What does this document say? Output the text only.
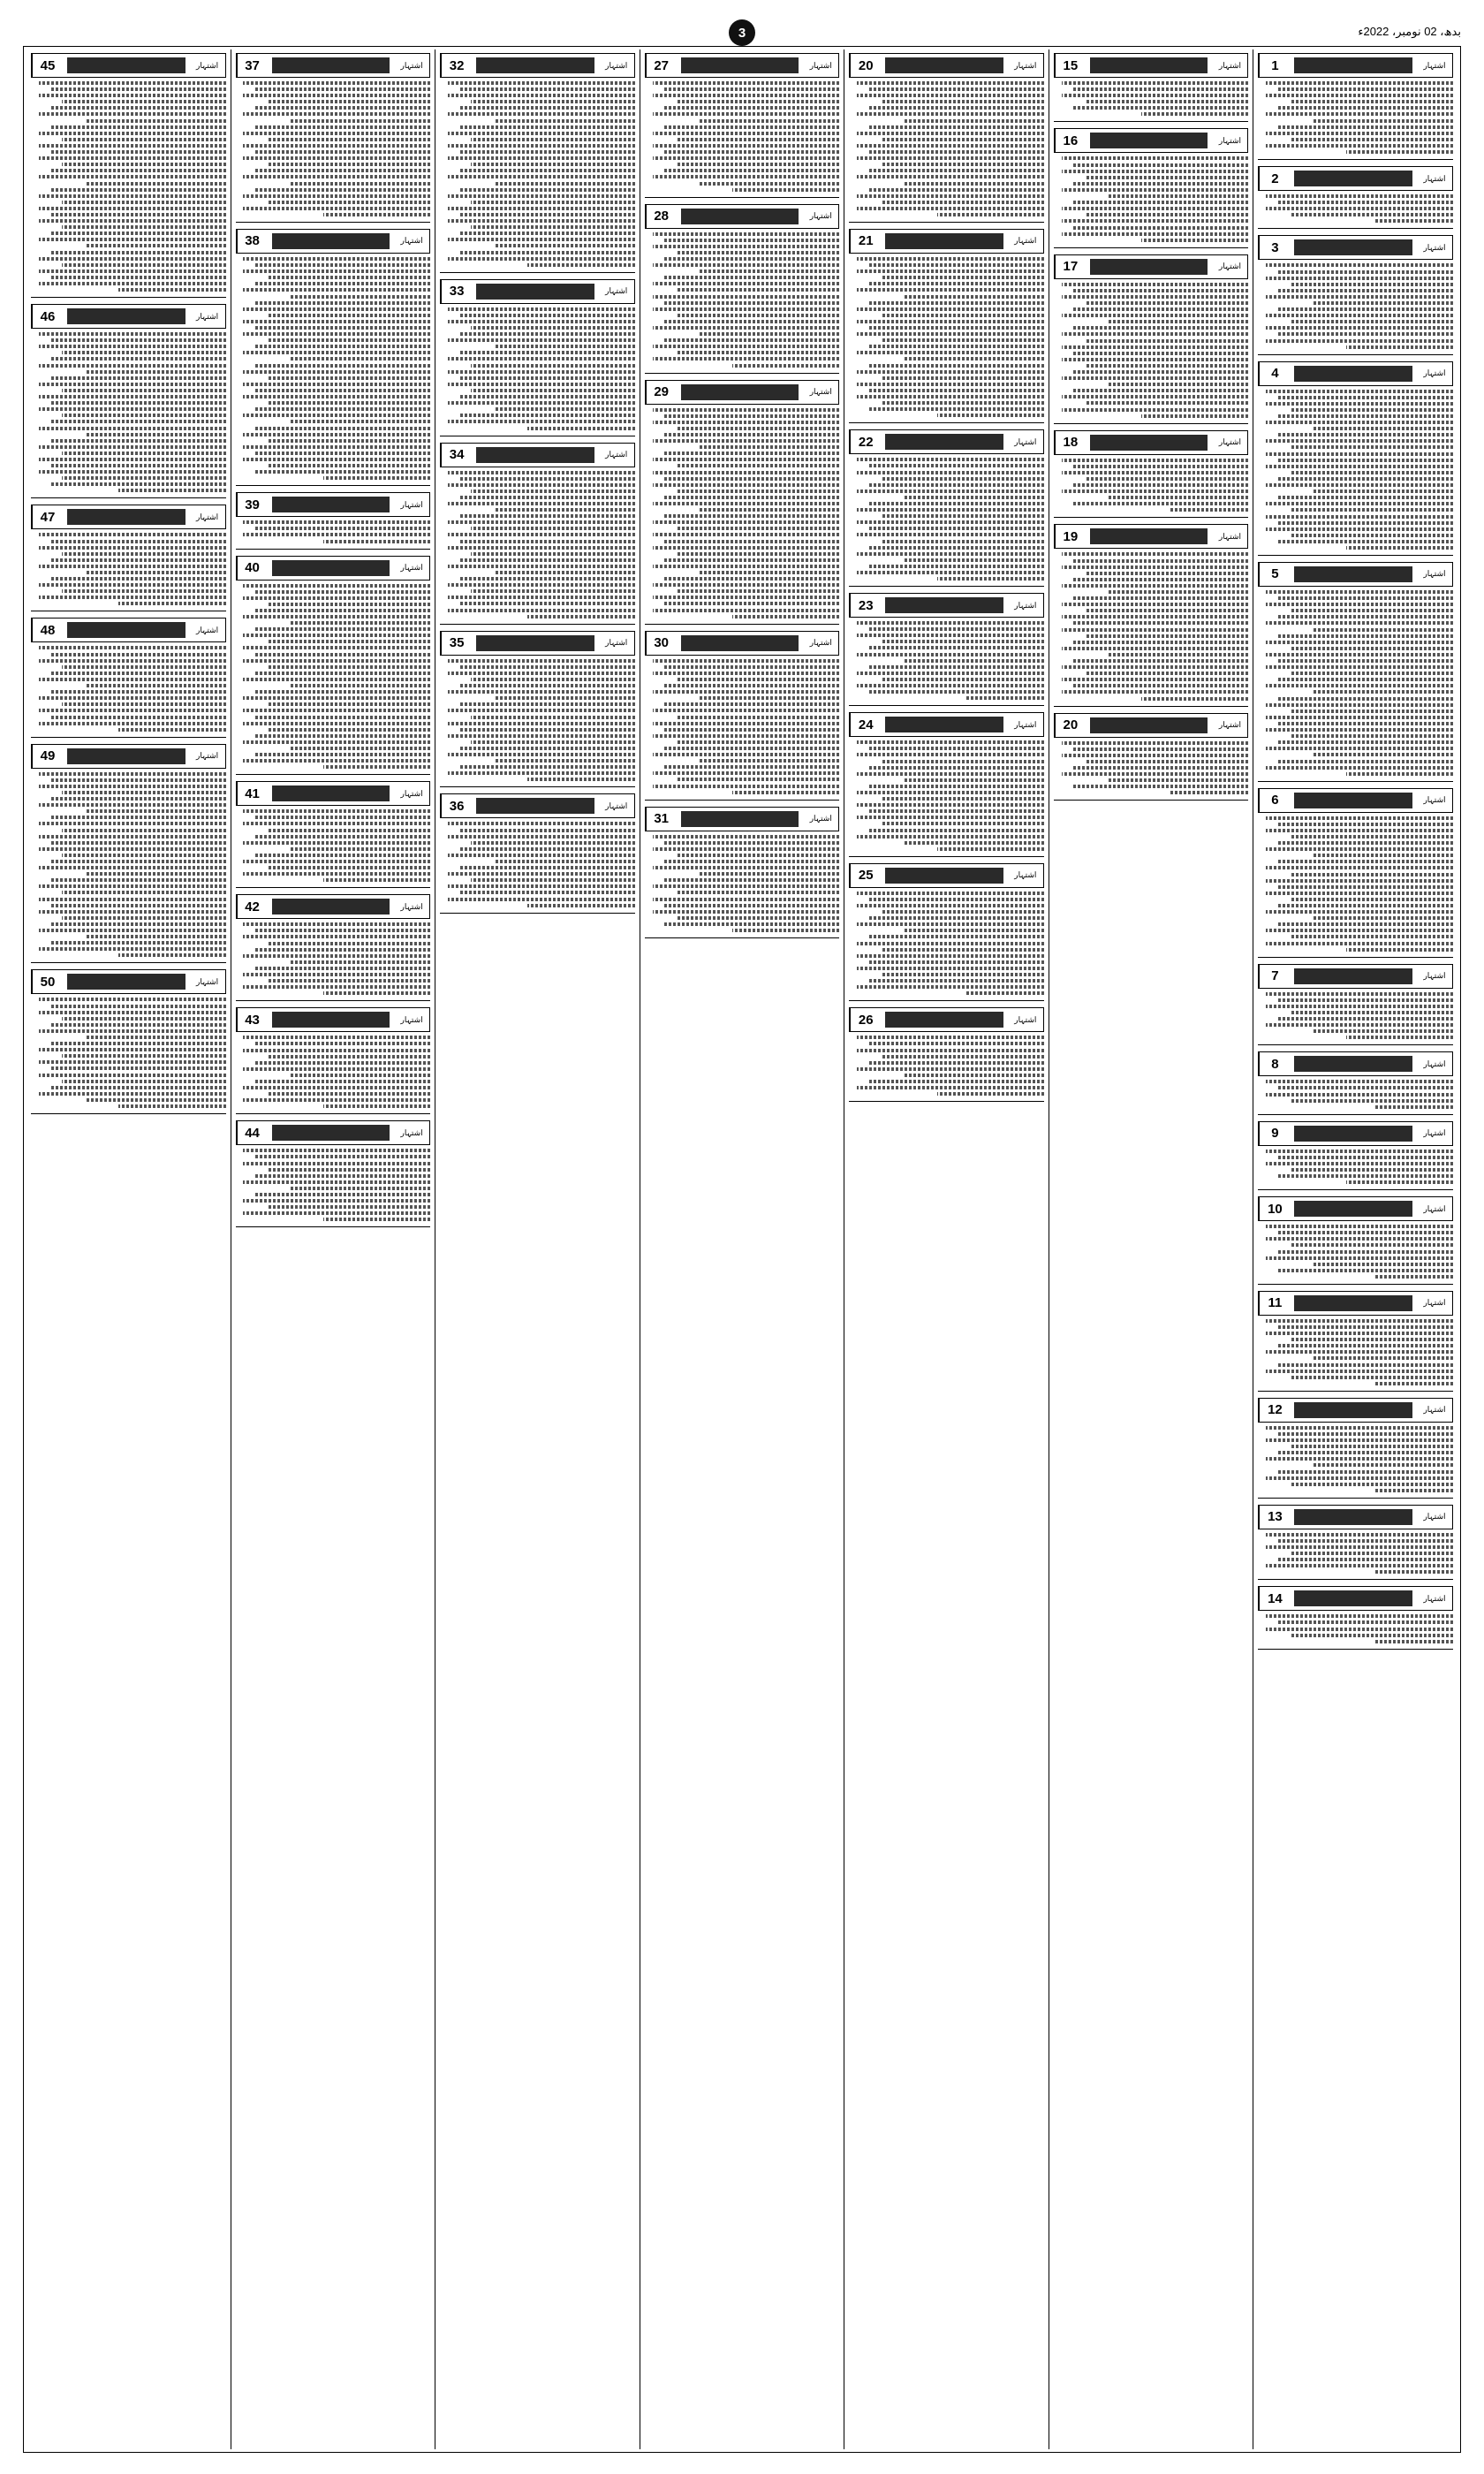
بدھ، 02 نومبر، 2022ء
3
1	اشتہار
2	اشتہار
3	اشتہار
4	اشتہار
5	اشتہار
6	اشتہار
7	اشتہار
8	اشتہار
9	اشتہار
10	اشتہار
11	اشتہار
12	اشتہار
13	اشتہار
14	اشتہار
15	اشتہار
16	اشتہار
17	اشتہار
18	اشتہار
19	اشتہار
20	اشتہار
20	اشتہار
21	اشتہار
22	اشتہار
23	اشتہار
24	اشتہار
25	اشتہار
26	اشتہار
27	اشتہار
28	اشتہار
29	اشتہار
30	اشتہار
31	اشتہار
32	اشتہار
33	اشتہار
34	اشتہار
35	اشتہار
36	اشتہار
37	اشتہار
38	اشتہار
39	اشتہار
40	اشتہار
41	اشتہار
42	اشتہار
43	اشتہار
44	اشتہار
45	اشتہار
46	اشتہار
47	اشتہار
48	اشتہار
49	اشتہار
50	اشتہار
